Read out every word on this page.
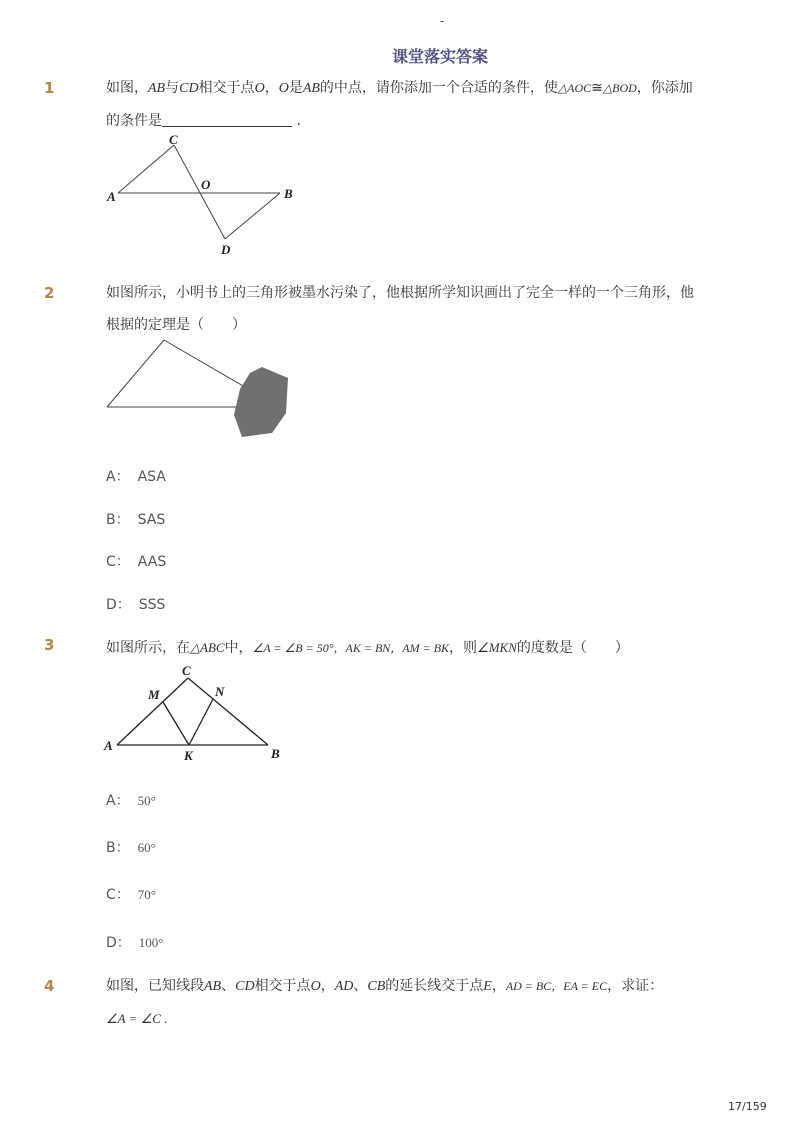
-
课堂落实答案
1	如图，AB与CD相交于点O，O是AB的中点，请你添加一个合适的条件，使△AOC≅△BOD，你添加
的条件是	.
A	B
C
D
O
2	如图所示，小明书上的三角形被墨水污染了，他根据所学知识画出了完全一样的一个三角形，他
根据的定理是（　　）
A： ASA
B： SAS
C： AAS
D： SSS
3	如图所示，在△ABC中，∠A = ∠B = 50°，AK = BN，AM = BK，则∠MKN的度数是（　　）
A
B
C
M	N
K
A： 50°
B： 60°
C： 70°
D： 100°
4	如图，已知线段AB、CD相交于点O，AD、CB的延长线交于点E，AD = BC，EA = EC，求证：
∠A = ∠C .
17/159
